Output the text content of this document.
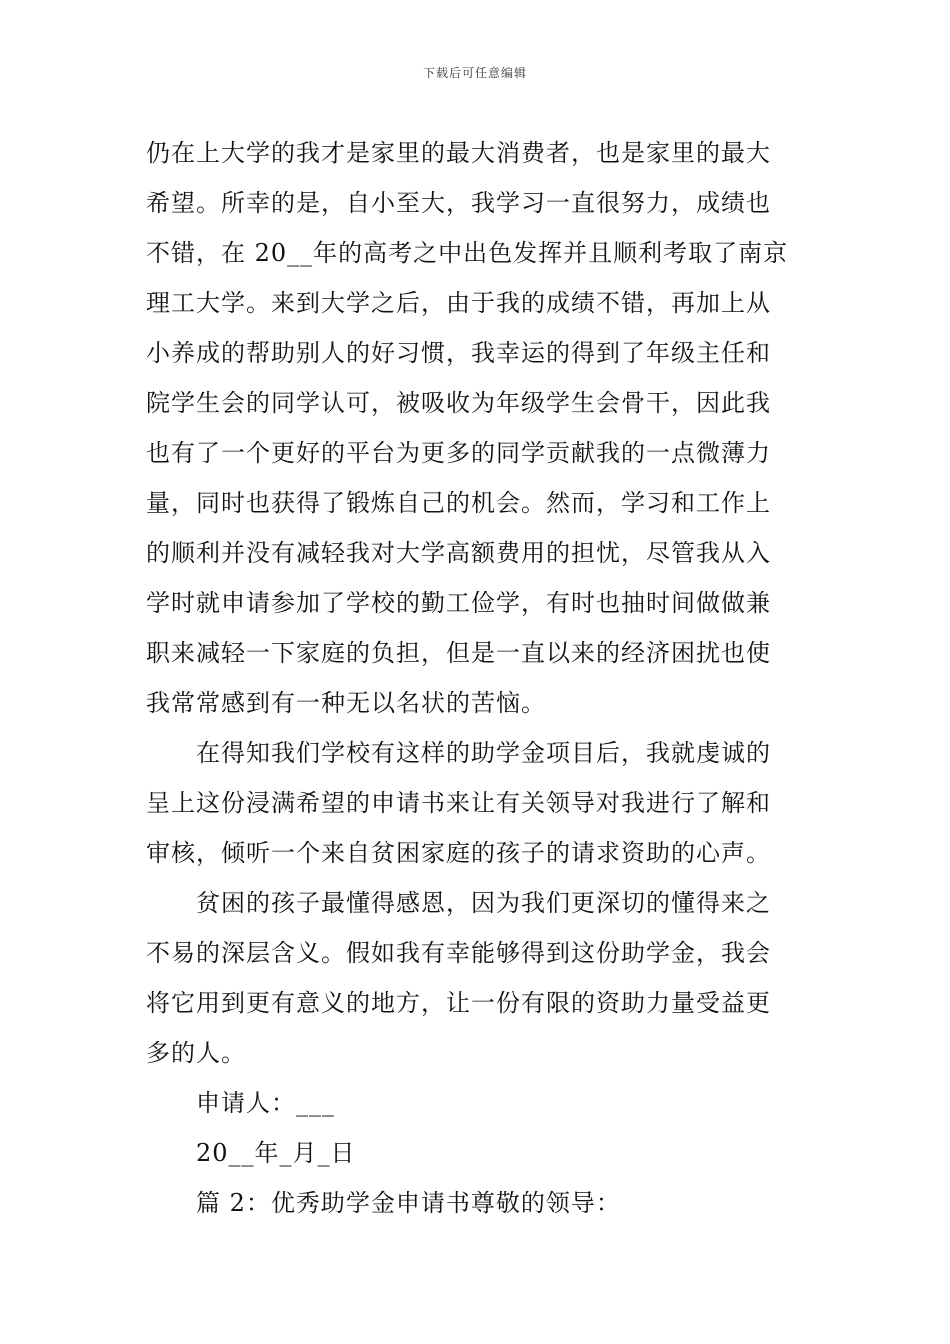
下载后可任意编辑
仍在上大学的我才是家里的最大消费者，也是家里的最大
希望。所幸的是，自小至大，我学习一直很努力，成绩也
不错，在 20__年的高考之中出色发挥并且顺利考取了南京
理工大学。来到大学之后，由于我的成绩不错，再加上从
小养成的帮助别人的好习惯，我幸运的得到了年级主任和
院学生会的同学认可，被吸收为年级学生会骨干，因此我
也有了一个更好的平台为更多的同学贡献我的一点微薄力
量，同时也获得了锻炼自己的机会。然而，学习和工作上
的顺利并没有减轻我对大学高额费用的担忧，尽管我从入
学时就申请参加了学校的勤工俭学，有时也抽时间做做兼
职来减轻一下家庭的负担，但是一直以来的经济困扰也使
我常常感到有一种无以名状的苦恼。
在得知我们学校有这样的助学金项目后，我就虔诚的
呈上这份浸满希望的申请书来让有关领导对我进行了解和
审核，倾听一个来自贫困家庭的孩子的请求资助的心声。
贫困的孩子最懂得感恩，因为我们更深切的懂得来之
不易的深层含义。假如我有幸能够得到这份助学金，我会
将它用到更有意义的地方，让一份有限的资助力量受益更
多的人。
申请人：___
20__年_月_日
篇 2：优秀助学金申请书尊敬的领导：
